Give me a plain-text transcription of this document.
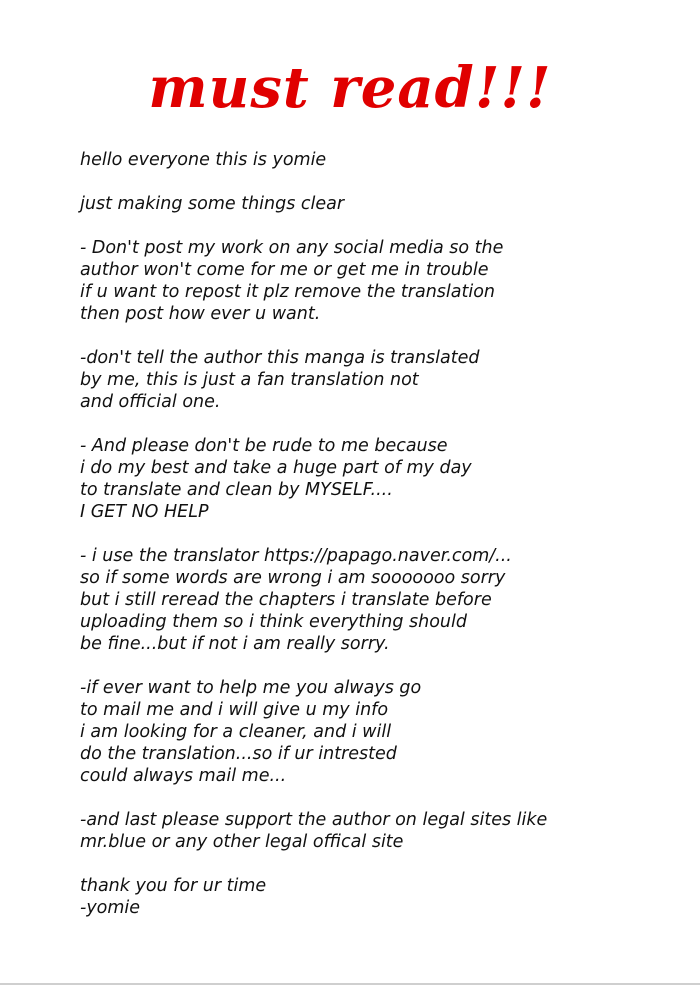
must read!!!

hello everyone this is yomie

just making some things clear

- Don't post my work on any social media so the
author won't come for me or get me in trouble
if u want to repost it plz remove the translation
then post how ever u want.

-don't tell the author this manga is translated
by me, this is just a fan translation not
and official one.

- And please don't be rude to me because
i do my best and take a huge part of my day
to translate and clean by MYSELF....
I GET NO HELP

- i use the translator https://papago.naver.com/...
so if some words are wrong i am sooooooo sorry
but i still reread the chapters i translate before
uploading them so i think everything should
be fine...but if not i am really sorry.

-if ever want to help me you always go
to mail me and i will give u my info
i am looking for a cleaner, and i will
do the translation...so if ur intrested
could always mail me...

-and last please support the author on legal sites like
mr.blue or any other legal offical site

thank you for ur time
-yomie
